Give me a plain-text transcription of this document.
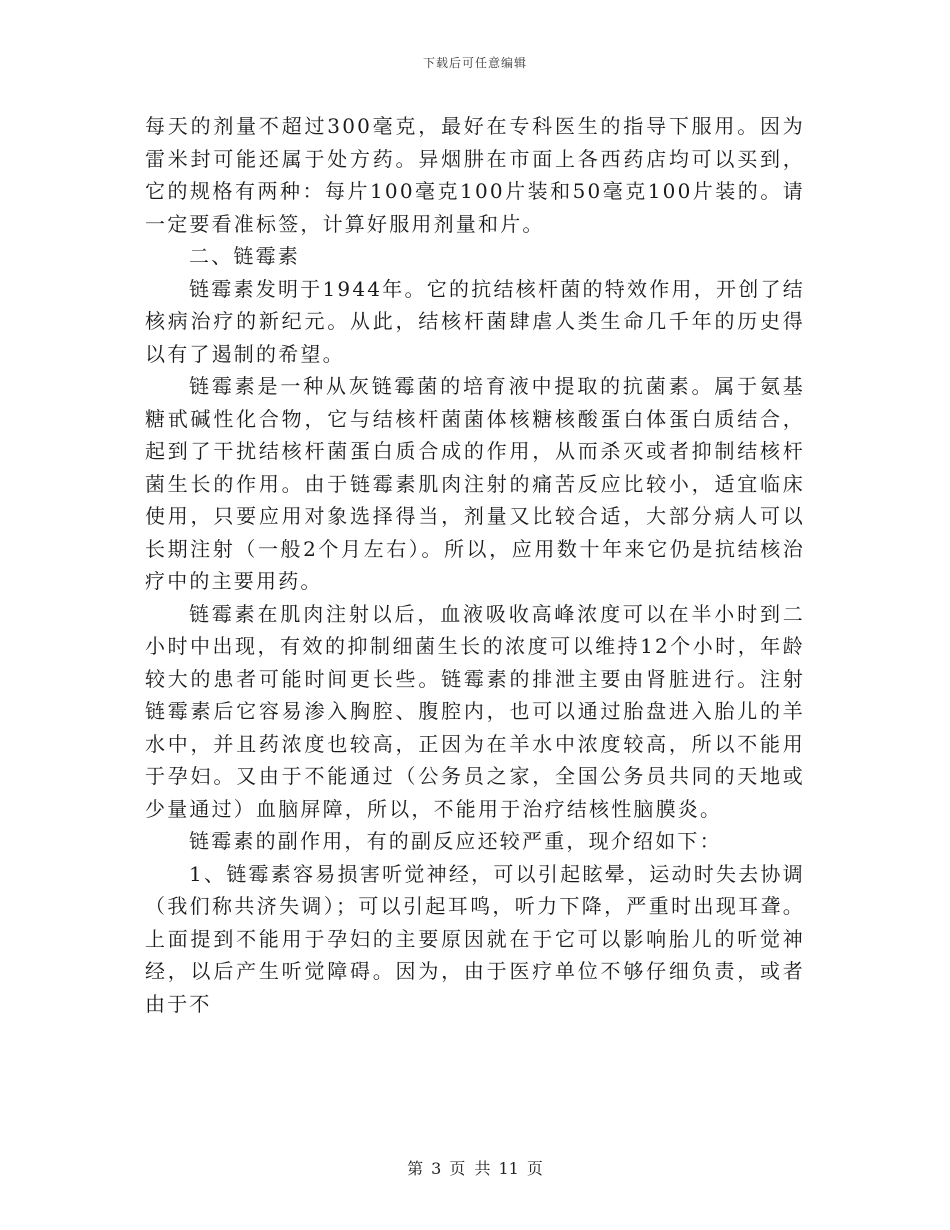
下载后可任意编辑

每天的剂量不超过300毫克，最好在专科医生的指导下服用。因为雷米封可能还属于处方药。异烟肼在市面上各西药店均可以买到，它的规格有两种：每片100毫克100片装和50毫克100片装的。请一定要看准标签，计算好服用剂量和片。

二、链霉素

链霉素发明于1944年。它的抗结核杆菌的特效作用，开创了结核病治疗的新纪元。从此，结核杆菌肆虐人类生命几千年的历史得以有了遏制的希望。

链霉素是一种从灰链霉菌的培育液中提取的抗菌素。属于氨基糖甙碱性化合物，它与结核杆菌菌体核糖核酸蛋白体蛋白质结合，起到了干扰结核杆菌蛋白质合成的作用，从而杀灭或者抑制结核杆菌生长的作用。由于链霉素肌肉注射的痛苦反应比较小，适宜临床使用，只要应用对象选择得当，剂量又比较合适，大部分病人可以长期注射（一般2个月左右）。所以，应用数十年来它仍是抗结核治疗中的主要用药。

链霉素在肌肉注射以后，血液吸收高峰浓度可以在半小时到二小时中出现，有效的抑制细菌生长的浓度可以维持12个小时，年龄较大的患者可能时间更长些。链霉素的排泄主要由肾脏进行。注射链霉素后它容易渗入胸腔、腹腔内，也可以通过胎盘进入胎儿的羊水中，并且药浓度也较高，正因为在羊水中浓度较高，所以不能用于孕妇。又由于不能通过（公务员之家，全国公务员共同的天地或少量通过）血脑屏障，所以，不能用于治疗结核性脑膜炎。

链霉素的副作用，有的副反应还较严重，现介绍如下：

1、链霉素容易损害听觉神经，可以引起眩晕，运动时失去协调（我们称共济失调）；可以引起耳鸣，听力下降，严重时出现耳聋。上面提到不能用于孕妇的主要原因就在于它可以影响胎儿的听觉神经，以后产生听觉障碍。因为，由于医疗单位不够仔细负责，或者由于不

第 3 页 共 11 页
